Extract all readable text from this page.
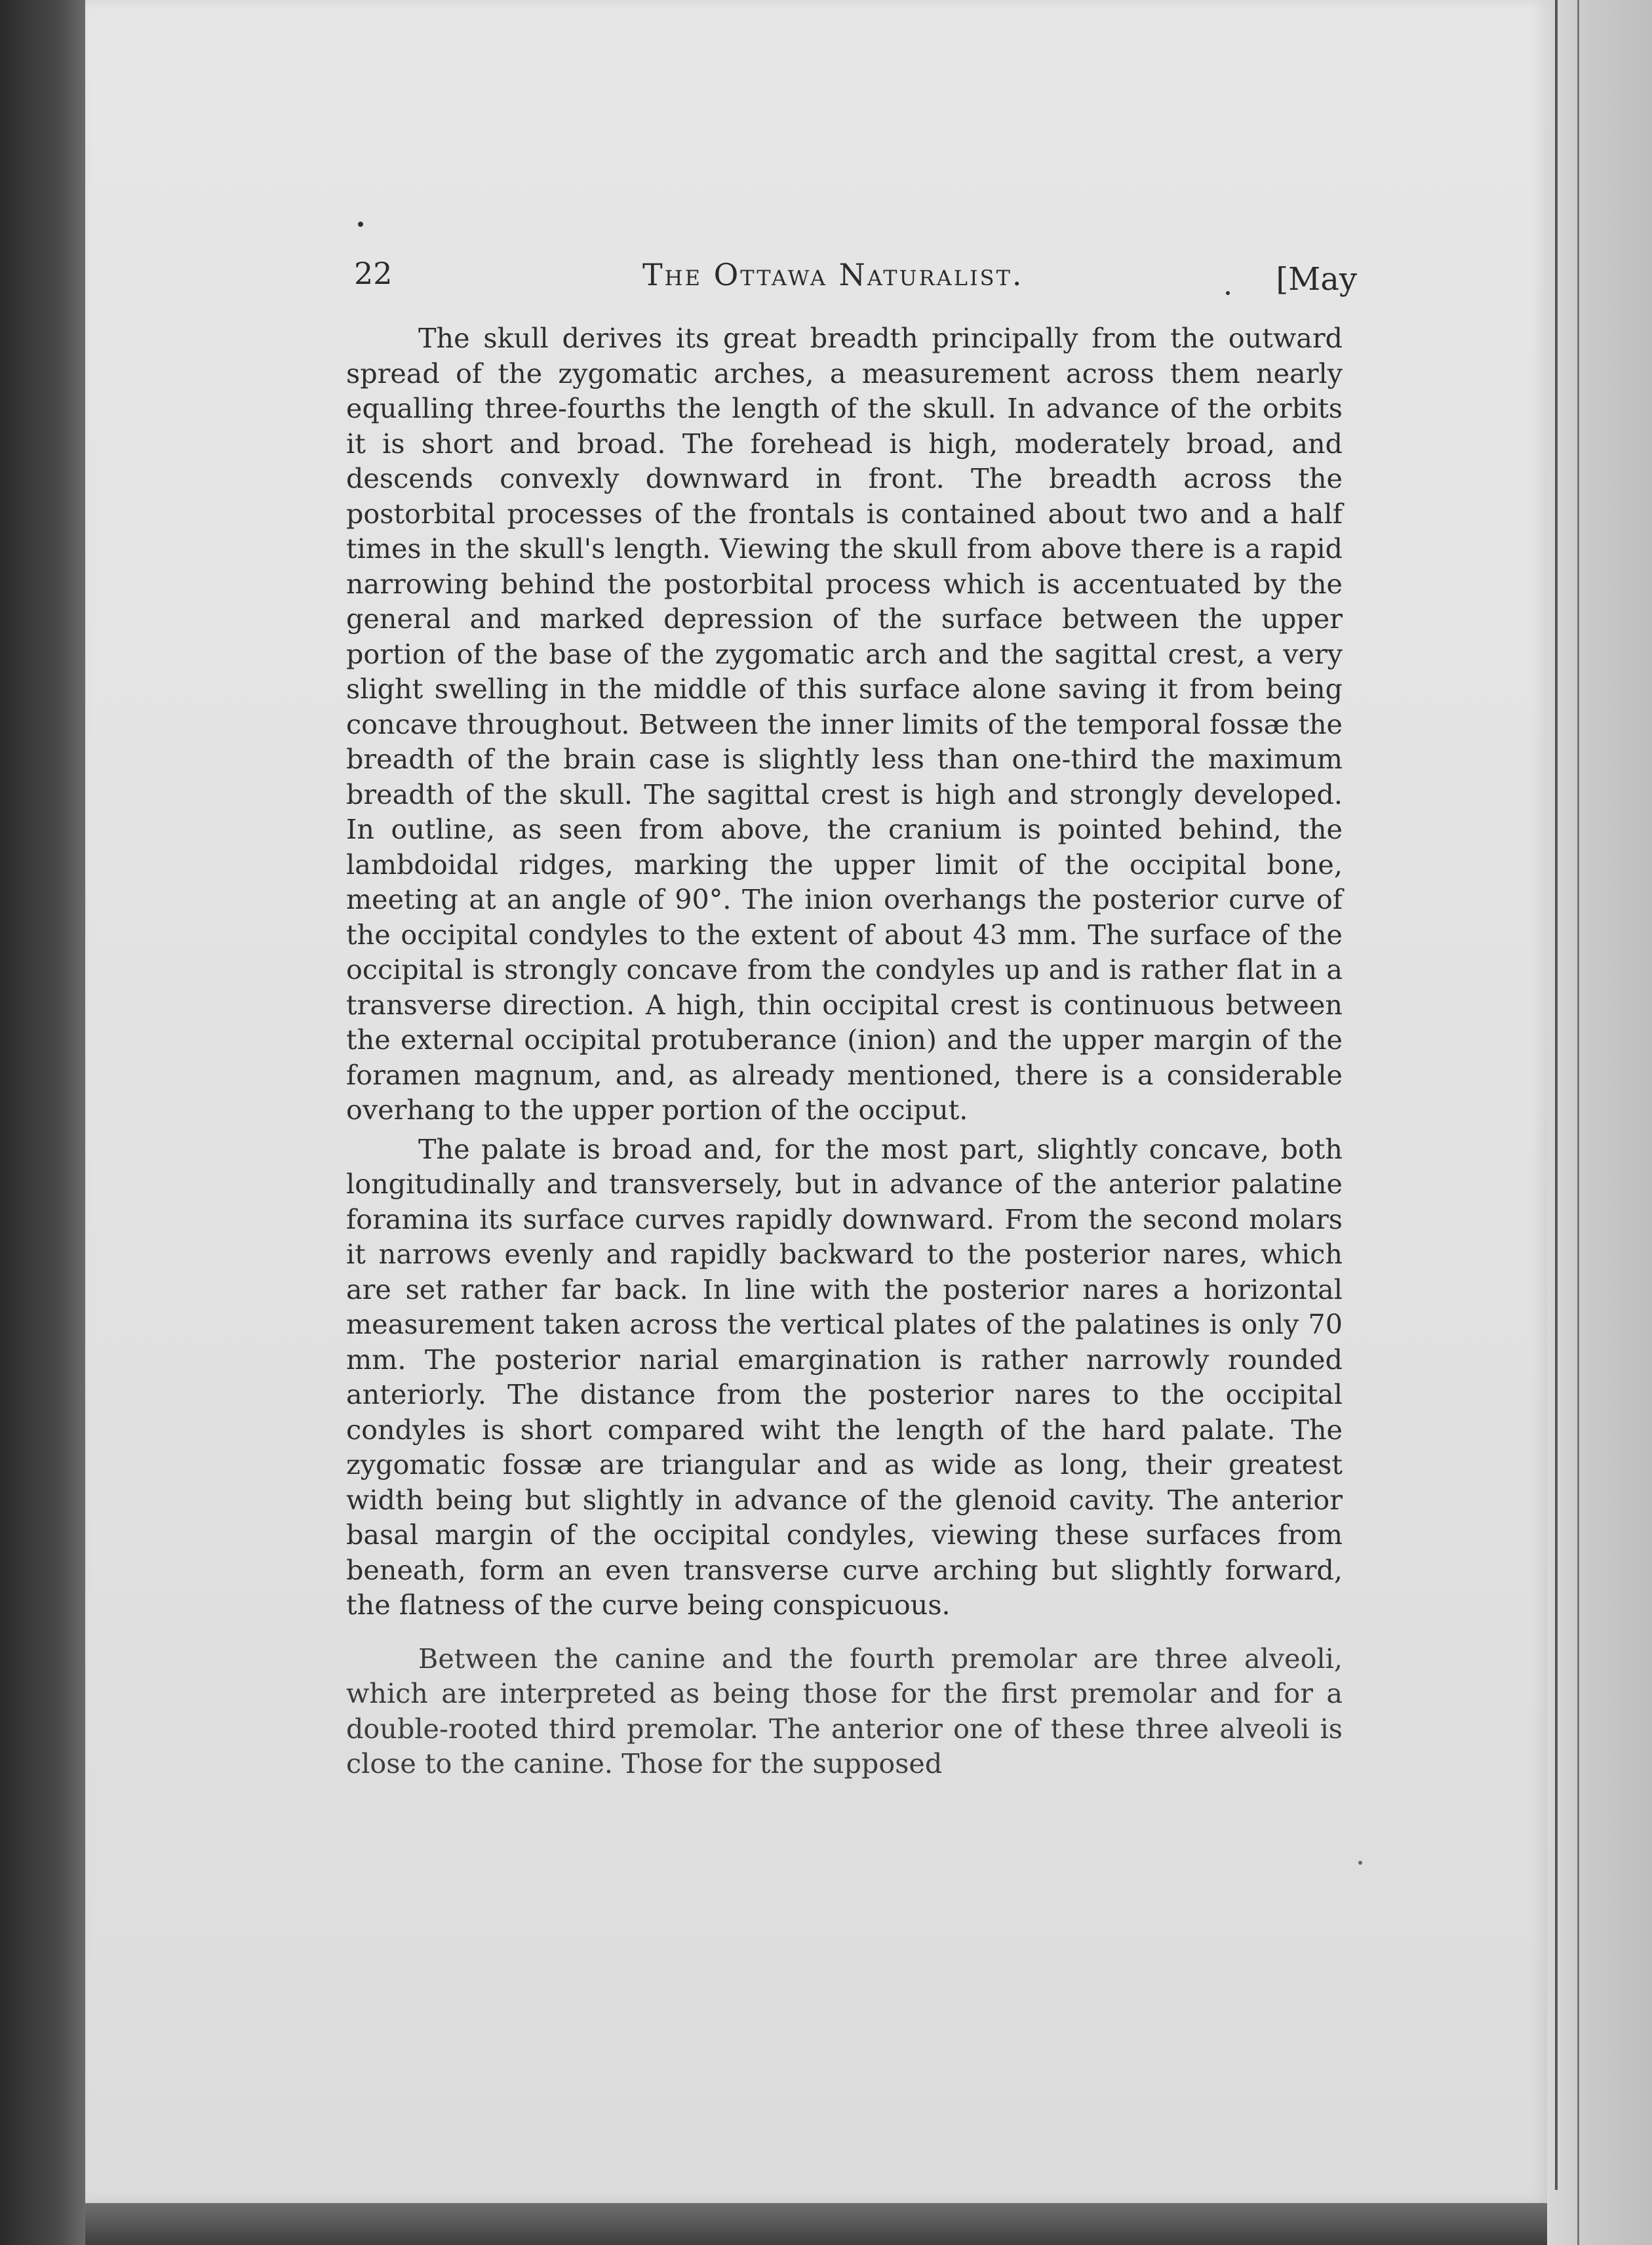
22	The Ottawa Naturalist.	[May

The skull derives its great breadth principally from the outward spread of the zygomatic arches, a measurement across them nearly equalling three-fourths the length of the skull. In advance of the orbits it is short and broad. The forehead is high, moderately broad, and descends convexly downward in front. The breadth across the postorbital processes of the frontals is contained about two and a half times in the skull's length. Viewing the skull from above there is a rapid narrowing behind the postorbital process which is accentuated by the general and marked depression of the surface between the upper portion of the base of the zygomatic arch and the sagittal crest, a very slight swelling in the middle of this surface alone saving it from being concave throughout. Between the inner limits of the temporal fossæ the breadth of the brain case is slightly less than one-third the maximum breadth of the skull. The sagittal crest is high and strongly developed. In outline, as seen from above, the cranium is pointed behind, the lambdoidal ridges, marking the upper limit of the occipital bone, meeting at an angle of 90°. The inion overhangs the posterior curve of the occipital condyles to the extent of about 43 mm. The surface of the occipital is strongly concave from the condyles up and is rather flat in a transverse direction. A high, thin occipital crest is continuous between the external occipital protuberance (inion) and the upper margin of the foramen magnum, and, as already mentioned, there is a considerable overhang to the upper portion of the occiput.

The palate is broad and, for the most part, slightly concave, both longitudinally and transversely, but in advance of the anterior palatine foramina its surface curves rapidly downward. From the second molars it narrows evenly and rapidly backward to the posterior nares, which are set rather far back. In line with the posterior nares a horizontal measurement taken across the vertical plates of the palatines is only 70 mm. The posterior narial emargination is rather narrowly rounded anteriorly. The distance from the posterior nares to the occipital condyles is short compared wiht the length of the hard palate. The zygomatic fossæ are triangular and as wide as long, their greatest width being but slightly in advance of the glenoid cavity. The anterior basal margin of the occipital condyles, viewing these surfaces from beneath, form an even transverse curve arching but slightly forward, the flatness of the curve being conspicuous.

Between the canine and the fourth premolar are three alveoli, which are interpreted as being those for the first premolar and for a double-rooted third premolar. The anterior one of these three alveoli is close to the canine. Those for the supposed
